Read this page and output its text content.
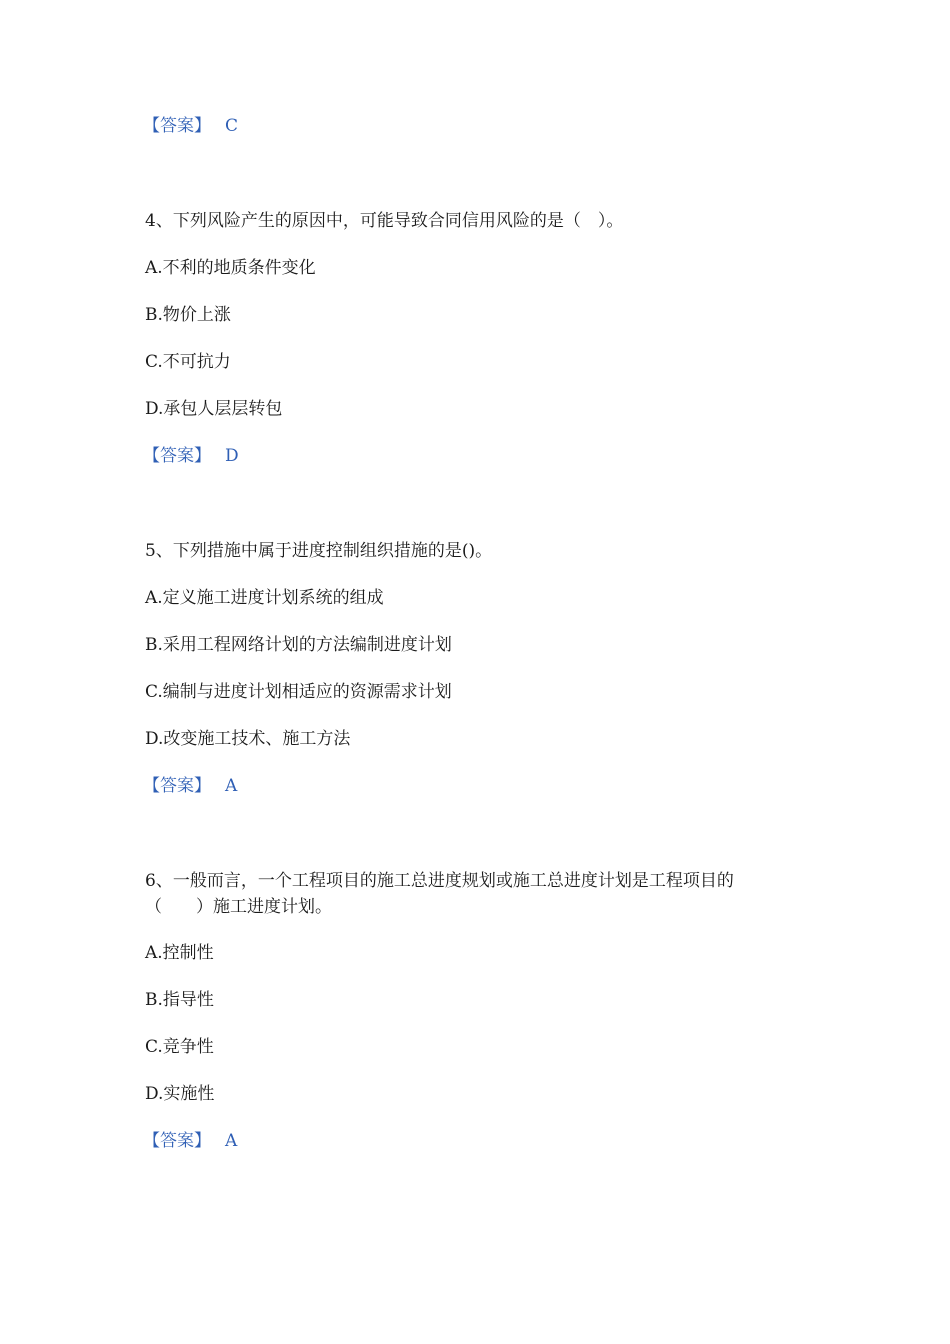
【答案】 C
4、下列风险产生的原因中，可能导致合同信用风险的是（　）。
A.不利的地质条件变化
B.物价上涨
C.不可抗力
D.承包人层层转包
【答案】 D
5、下列措施中属于进度控制组织措施的是()。
A.定义施工进度计划系统的组成
B.采用工程网络计划的方法编制进度计划
C.编制与进度计划相适应的资源需求计划
D.改变施工技术、施工方法
【答案】 A
6、一般而言，一个工程项目的施工总进度规划或施工总进度计划是工程项目的
（　　）施工进度计划。
A.控制性
B.指导性
C.竞争性
D.实施性
【答案】 A
